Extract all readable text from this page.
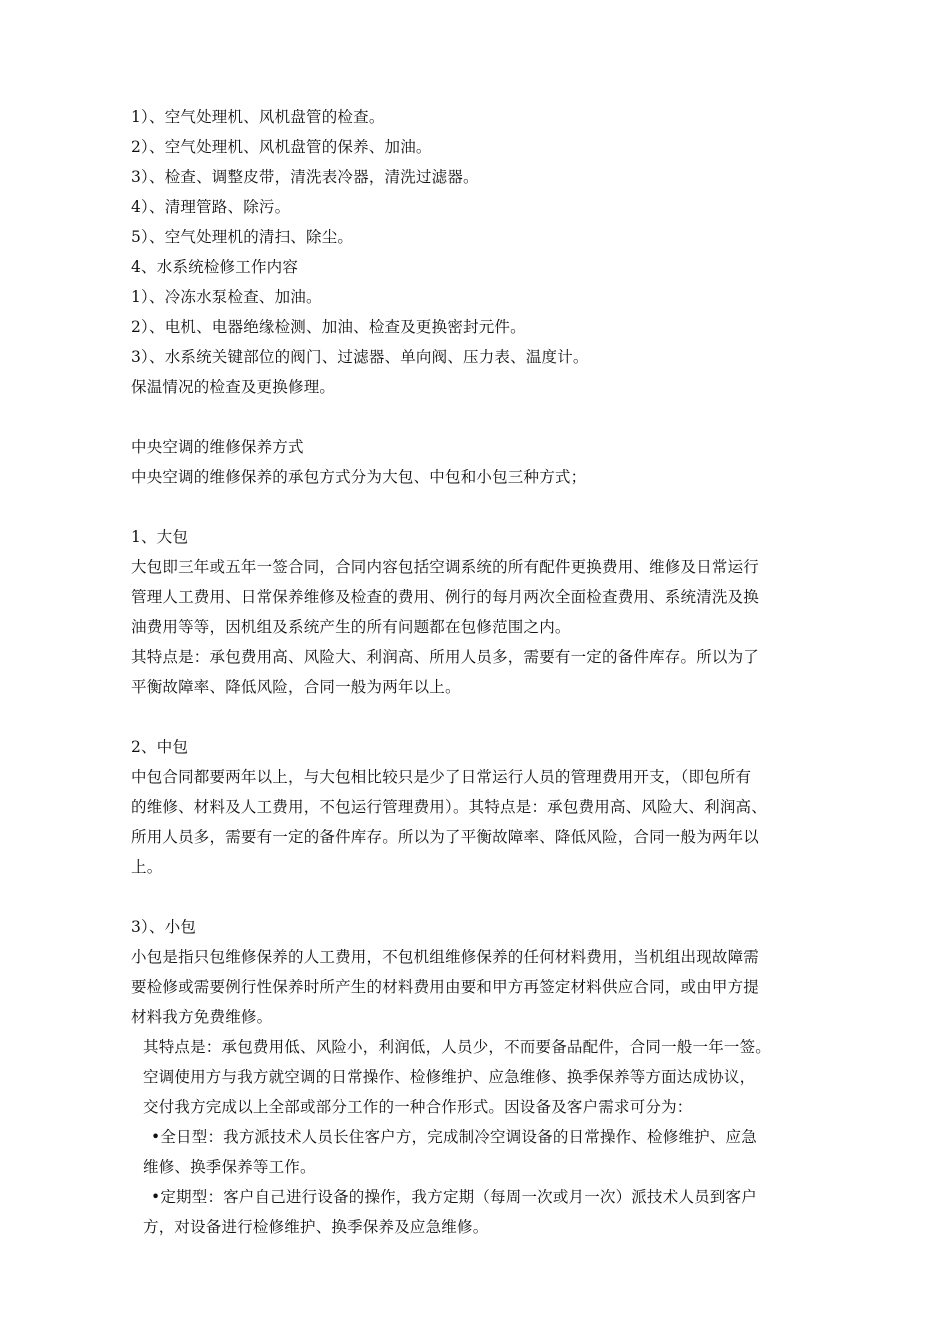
1）、空气处理机、风机盘管的检查。
2）、空气处理机、风机盘管的保养、加油。
3）、检查、调整皮带，清洗表冷器，清洗过滤器。
4）、清理管路、除污。
5）、空气处理机的清扫、除尘。
4、水系统检修工作内容
1）、冷冻水泵检查、加油。
2）、电机、电器绝缘检测、加油、检查及更换密封元件。
3）、水系统关键部位的阀门、过滤器、单向阀、压力表、温度计。
保温情况的检查及更换修理。
中央空调的维修保养方式
中央空调的维修保养的承包方式分为大包、中包和小包三种方式；
1、大包
大包即三年或五年一签合同，合同内容包括空调系统的所有配件更换费用、维修及日常运行
管理人工费用、日常保养维修及检查的费用、例行的每月两次全面检查费用、系统清洗及换
油费用等等，因机组及系统产生的所有问题都在包修范围之内。
其特点是：承包费用高、风险大、利润高、所用人员多，需要有一定的备件库存。所以为了
平衡故障率、降低风险，合同一般为两年以上。
2、中包
中包合同都要两年以上，与大包相比较只是少了日常运行人员的管理费用开支，（即包所有
的维修、材料及人工费用，不包运行管理费用）。其特点是：承包费用高、风险大、利润高、
所用人员多，需要有一定的备件库存。所以为了平衡故障率、降低风险，合同一般为两年以
上。
3）、小包
小包是指只包维修保养的人工费用，不包机组维修保养的任何材料费用，当机组出现故障需
要检修或需要例行性保养时所产生的材料费用由要和甲方再签定材料供应合同，或由甲方提
材料我方免费维修。
其特点是：承包费用低、风险小，利润低，人员少，不而要备品配件，合同一般一年一签。
空调使用方与我方就空调的日常操作、检修维护、应急维修、换季保养等方面达成协议，
交付我方完成以上全部或部分工作的一种合作形式。因设备及客户需求可分为：
•全日型：我方派技术人员长住客户方，完成制冷空调设备的日常操作、检修维护、应急
维修、换季保养等工作。
•定期型：客户自己进行设备的操作，我方定期（每周一次或月一次）派技术人员到客户
方，对设备进行检修维护、换季保养及应急维修。
